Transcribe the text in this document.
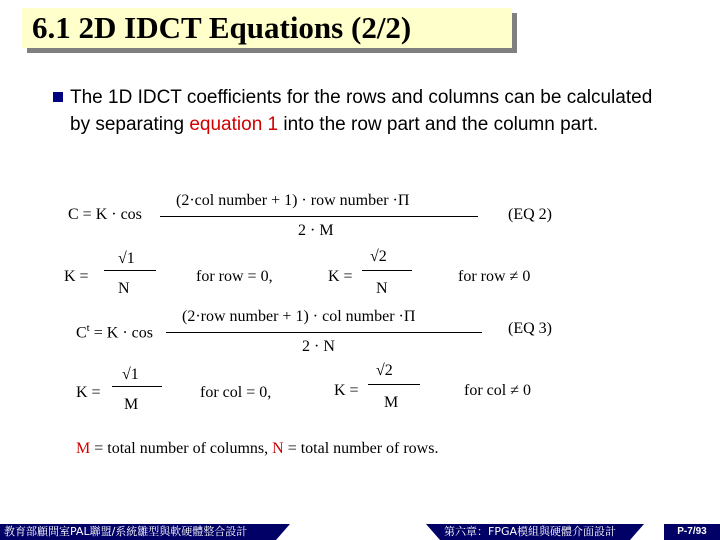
6.1 2D IDCT Equations (2/2)
The 1D IDCT coefficients for the rows and columns can be calculated by separating equation 1 into the row part and the column part.
C = K · cos
(2·col number + 1) · row number ·Π
2 · M
(EQ 2)
K =
√1
N
for row = 0,	K =
√2
N
for row ≠ 0
$C^t = K \cdot \cos$
(2·row number + 1) · col number ·Π
2 · N
(EQ 3)
K =
√1
M
for col = 0,	K =
√2
M
for col ≠ 0
M = total number of columns, N = total number of rows.
教育部顧問室PAL聯盟/系統雛型與軟硬體整合設計	第六章：FPGA模組與硬體介面設計	P-7/93
